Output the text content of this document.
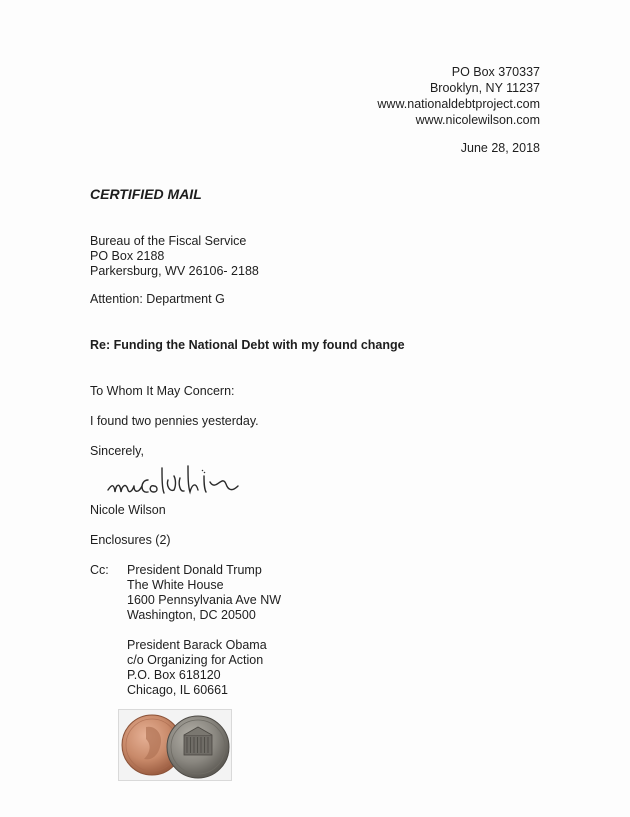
PO Box 370337
Brooklyn, NY 11237
www.nationaldebtproject.com
www.nicolewilson.com
June 28, 2018
CERTIFIED MAIL
Bureau of the Fiscal Service
PO Box 2188
Parkersburg, WV 26106- 2188
Attention: Department G
Re: Funding the National Debt with my found change
To Whom It May Concern:
I found two pennies yesterday.
Sincerely,
Nicole Wilson
Enclosures (2)
Cc: President Donald Trump
The White House
1600 Pennsylvania Ave NW
Washington, DC 20500
President Barack Obama
c/o Organizing for Action
P.O. Box 618120
Chicago, IL 60661
